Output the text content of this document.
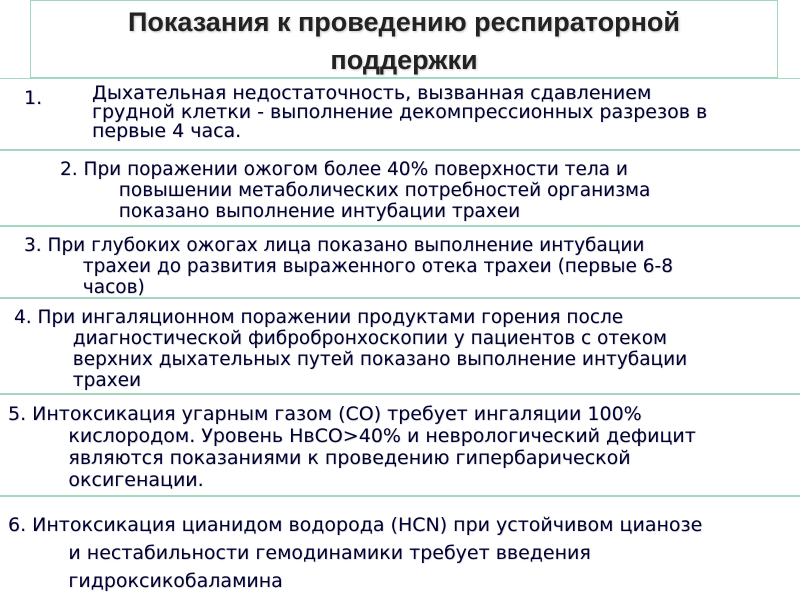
Показания к проведению респираторной
поддержки
1.	Дыхательная недостаточность, вызванная сдавлением
грудной клетки - выполнение декомпрессионных разрезов в
первые 4 часа.

2. При поражении ожогом более 40% поверхности тела и
повышении метаболических потребностей организма
показано выполнение интубации трахеи

3. При глубоких ожогах лица показано выполнение интубации
трахеи до развития выраженного отека трахеи (первые 6-8
часов)

4. При ингаляционном поражении продуктами горения после
диагностической фибробронхоскопии у пациентов с отеком
верхних дыхательных путей показано выполнение интубации
трахеи

5. Интоксикация угарным газом (СО) требует ингаляции 100%
кислородом. Уровень НвСО>40% и неврологический дефицит
являются показаниями к проведению гипербарической
оксигенации.

6. Интоксикация цианидом водорода (НСN) при устойчивом цианозе
и нестабильности гемодинамики требует введения
гидроксикобаламина
